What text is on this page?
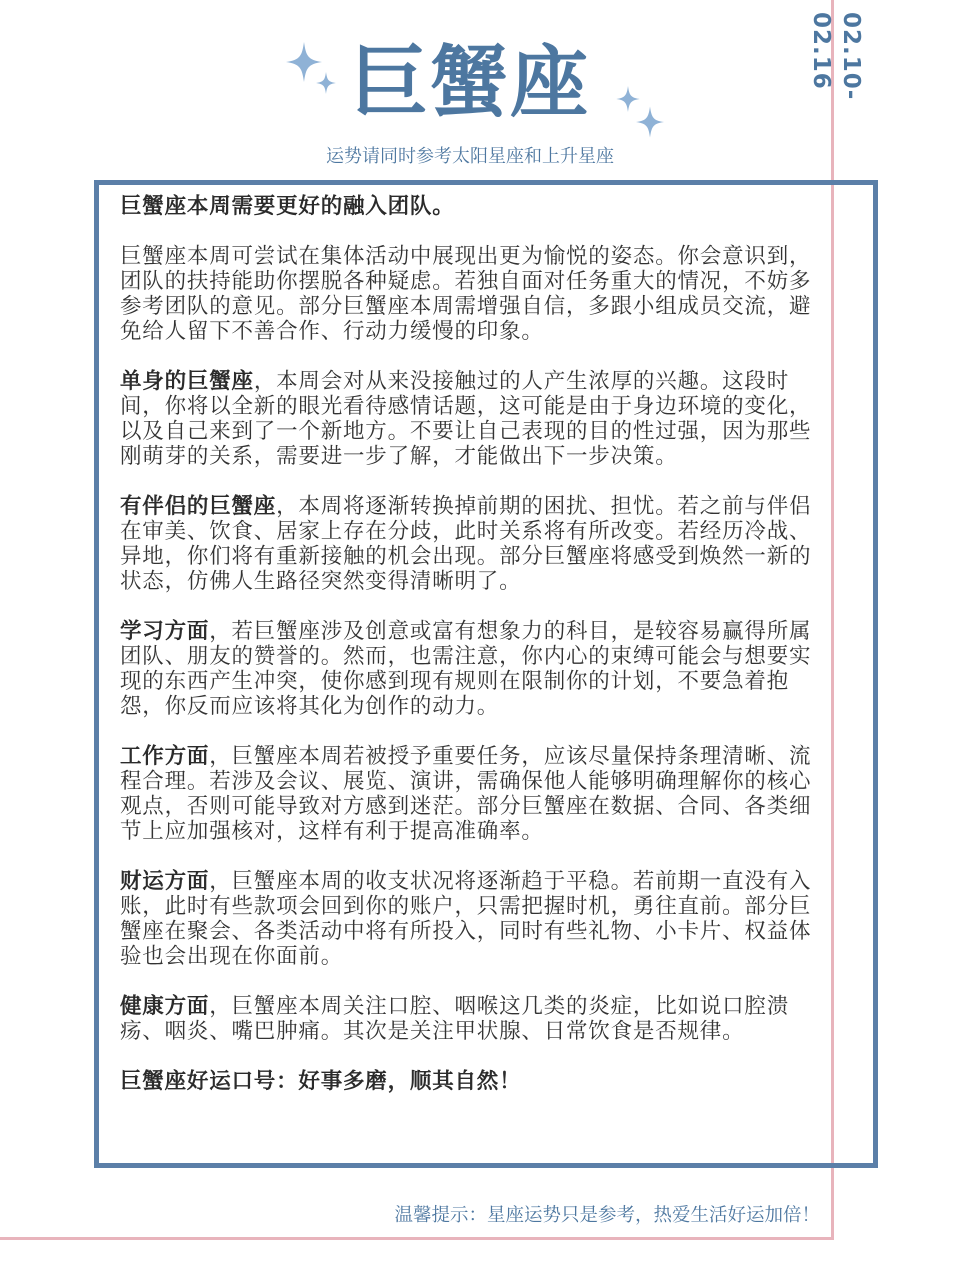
02.10-02.16
巨蟹座
运势请同时参考太阳星座和上升星座

巨蟹座本周需要更好的融入团队。

巨蟹座本周可尝试在集体活动中展现出更为愉悦的姿态。你会意识到，团队的扶持能助你摆脱各种疑虑。若独自面对任务重大的情况，不妨多参考团队的意见。部分巨蟹座本周需增强自信，多跟小组成员交流，避免给人留下不善合作、行动力缓慢的印象。

单身的巨蟹座，本周会对从来没接触过的人产生浓厚的兴趣。这段时间，你将以全新的眼光看待感情话题，这可能是由于身边环境的变化，以及自己来到了一个新地方。不要让自己表现的目的性过强，因为那些刚萌芽的关系，需要进一步了解，才能做出下一步决策。

有伴侣的巨蟹座，本周将逐渐转换掉前期的困扰、担忧。若之前与伴侣在审美、饮食、居家上存在分歧，此时关系将有所改变。若经历冷战、异地，你们将有重新接触的机会出现。部分巨蟹座将感受到焕然一新的状态，仿佛人生路径突然变得清晰明了。

学习方面，若巨蟹座涉及创意或富有想象力的科目，是较容易赢得所属团队、朋友的赞誉的。然而，也需注意，你内心的束缚可能会与想要实现的东西产生冲突，使你感到现有规则在限制你的计划，不要急着抱怨，你反而应该将其化为创作的动力。

工作方面，巨蟹座本周若被授予重要任务，应该尽量保持条理清晰、流程合理。若涉及会议、展览、演讲，需确保他人能够明确理解你的核心观点，否则可能导致对方感到迷茫。部分巨蟹座在数据、合同、各类细节上应加强核对，这样有利于提高准确率。

财运方面，巨蟹座本周的收支状况将逐渐趋于平稳。若前期一直没有入账，此时有些款项会回到你的账户，只需把握时机，勇往直前。部分巨蟹座在聚会、各类活动中将有所投入，同时有些礼物、小卡片、权益体验也会出现在你面前。

健康方面，巨蟹座本周关注口腔、咽喉这几类的炎症，比如说口腔溃疡、咽炎、嘴巴肿痛。其次是关注甲状腺、日常饮食是否规律。

巨蟹座好运口号：好事多磨，顺其自然！

温馨提示：星座运势只是参考，热爱生活好运加倍！
